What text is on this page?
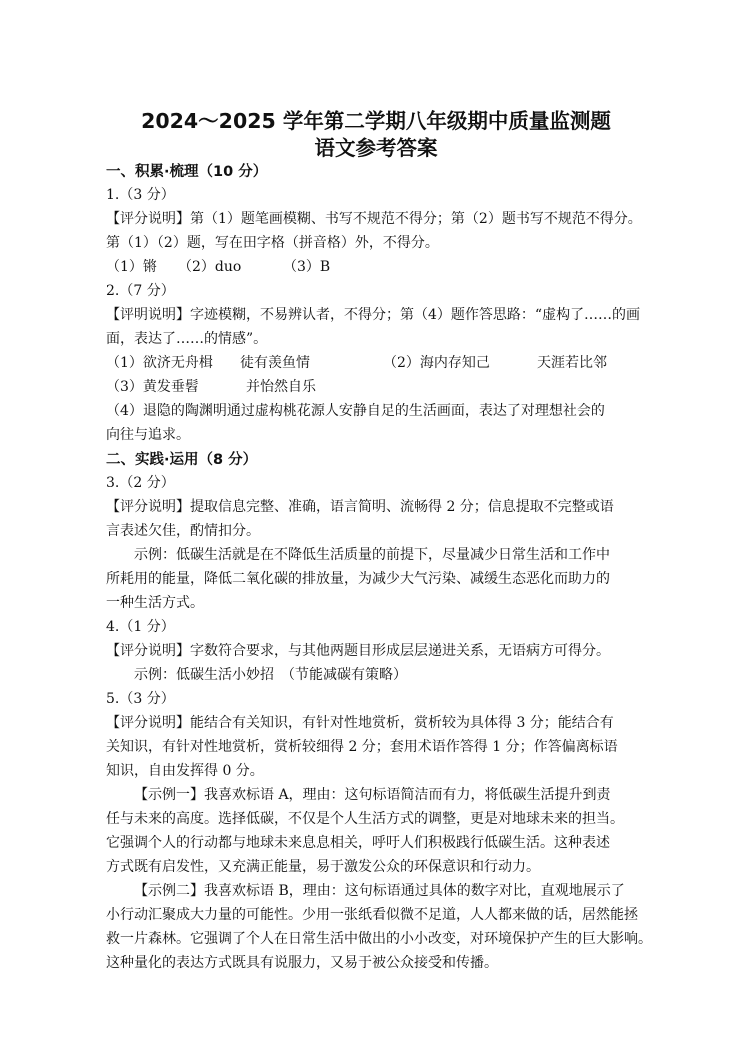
2024～2025 学年第二学期八年级期中质量监测题
语文参考答案
一、积累·梳理（10 分）
1.（3 分）
【评分说明】第（1）题笔画模糊、书写不规范不得分；第（2）题书写不规范不得分。
第（1）（2）题，写在田字格（拼音格）外，不得分。
（1）锵 （2）duo	（3）B
2.（7 分）
【评明说明】字迹模糊，不易辨认者，不得分；第（4）题作答思路：“虚构了……的画
面，表达了……的情感”。
（1）欲济无舟楫 徒有羡鱼情	（2）海内存知己	天涯若比邻
（3）黄发垂髫	并怡然自乐
（4）退隐的陶渊明通过虚构桃花源人安静自足的生活画面，表达了对理想社会的
向往与追求。
二、实践·运用（8 分）
3.（2 分）
【评分说明】提取信息完整、准确，语言简明、流畅得 2 分；信息提取不完整或语
言表述欠佳，酌情扣分。
示例：低碳生活就是在不降低生活质量的前提下，尽量减少日常生活和工作中
所耗用的能量，降低二氧化碳的排放量，为减少大气污染、减缓生态恶化而助力的
一种生活方式。
4.（1 分）
【评分说明】字数符合要求，与其他两题目形成层层递进关系，无语病方可得分。
示例：低碳生活小妙招　（节能减碳有策略）
5.（3 分）
【评分说明】能结合有关知识，有针对性地赏析，赏析较为具体得 3 分；能结合有
关知识，有针对性地赏析，赏析较细得 2 分；套用术语作答得 1 分；作答偏离标语
知识，自由发挥得 0 分。
【示例一】我喜欢标语 A，理由：这句标语简洁而有力，将低碳生活提升到责
任与未来的高度。选择低碳，不仅是个人生活方式的调整，更是对地球未来的担当。
它强调个人的行动都与地球未来息息相关，呼吁人们积极践行低碳生活。这种表述
方式既有启发性，又充满正能量，易于激发公众的环保意识和行动力。
【示例二】我喜欢标语 B，理由：这句标语通过具体的数字对比，直观地展示了
小行动汇聚成大力量的可能性。少用一张纸看似微不足道，人人都来做的话，居然能拯
救一片森林。它强调了个人在日常生活中做出的小小改变，对环境保护产生的巨大影响。
这种量化的表达方式既具有说服力，又易于被公众接受和传播。
